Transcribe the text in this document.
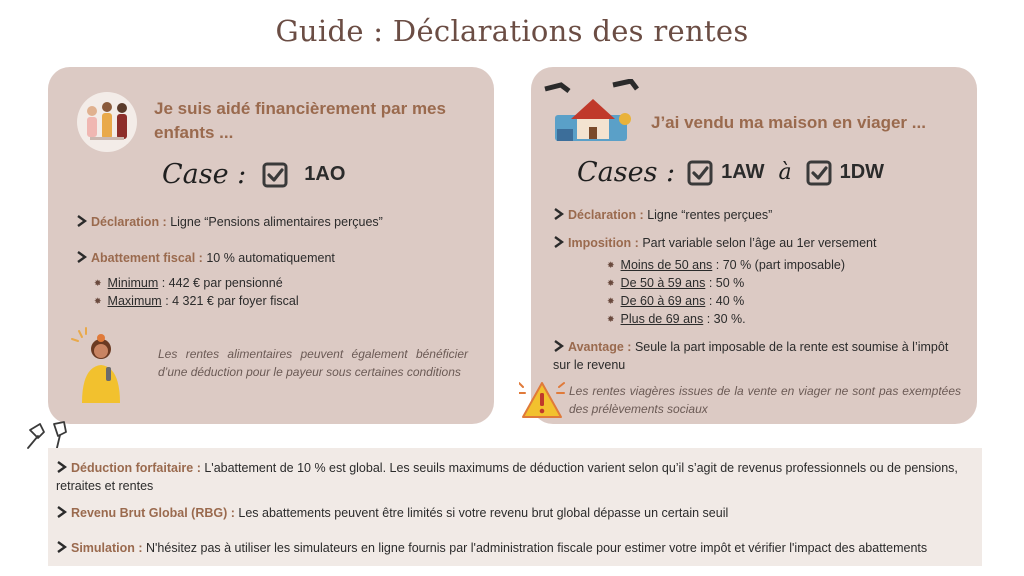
Guide : Déclarations des rentes
Je suis aidé financièrement par mes enfants ...
Case :	1AO
Déclaration : Ligne “Pensions alimentaires perçues”
Abattement fiscal : 10 % automatiquement
✸ Minimum : 442 € par pensionné
✸ Maximum : 4 321 € par foyer fiscal
Les rentes alimentaires peuvent également bénéficier d’une déduction pour le payeur sous certaines conditions
J’ai vendu ma maison en viager ...
Cases : 1AW à 1DW
Déclaration : Ligne “rentes perçues”
Imposition : Part variable selon l’âge au 1er versement
✸ Moins de 50 ans : 70 % (part imposable)
✸ De 50 à 59 ans : 50 %
✸ De 60 à 69 ans : 40 %
✸ Plus de 69 ans : 30 %.
Avantage : Seule la part imposable de la rente est soumise à l’impôt sur le revenu
Les rentes viagères issues de la vente en viager ne sont pas exemptées des prélèvements sociaux
Déduction forfaitaire : L'abattement de 10 % est global. Les seuils maximums de déduction varient selon qu’il s’agit de revenus professionnels ou de pensions, retraites et rentes
Revenu Brut Global (RBG) : Les abattements peuvent être limités si votre revenu brut global dépasse un certain seuil
Simulation : N'hésitez pas à utiliser les simulateurs en ligne fournis par l'administration fiscale pour estimer votre impôt et vérifier l'impact des abattements
